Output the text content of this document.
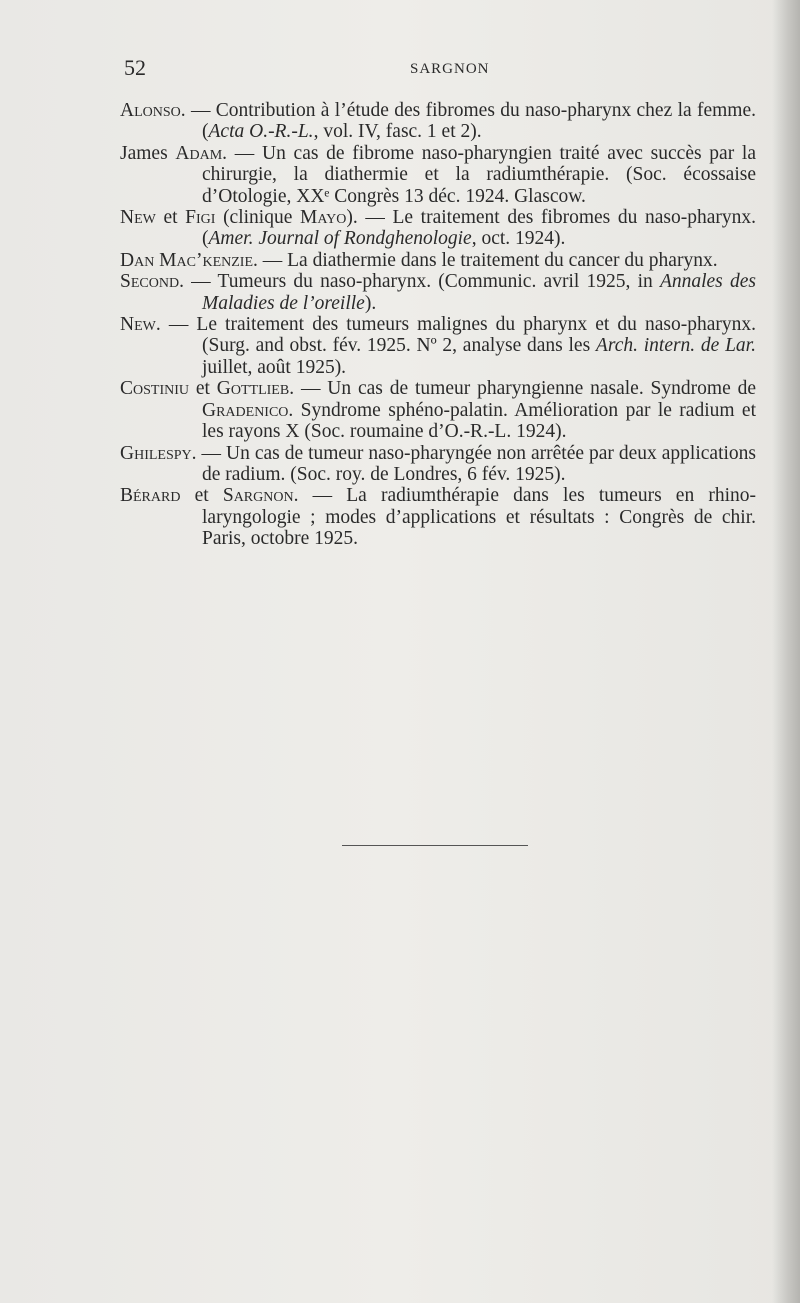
52	SARGNON

Alonso. — Contribution à l’étude des fibromes du naso-pharynx chez la femme. (Acta O.-R.-L., vol. IV, fasc. 1 et 2).

James Adam. — Un cas de fibrome naso-pharyngien traité avec succès par la chirurgie, la diathermie et la radiumthérapie. (Soc. écossaise d’Otologie, XXᵉ Congrès 13 déc. 1924. Glascow.

New et Figi (clinique Mayo). — Le traitement des fibromes du naso-pharynx. (Amer. Journal of Rondghenologie, oct. 1924).

Dan Mac’kenzie. — La diathermie dans le traitement du cancer du pharynx.

Second. — Tumeurs du naso-pharynx. (Communic. avril 1925, in Annales des Maladies de l’oreille).

New. — Le traitement des tumeurs malignes du pharynx et du naso-pharynx. (Surg. and obst. fév. 1925. Nº 2, analyse dans les Arch. intern. de Lar. juillet, août 1925).

Costiniu et Gottlieb. — Un cas de tumeur pharyngienne nasale. Syndrome de Gradenico. Syndrome sphéno-palatin. Amélioration par le radium et les rayons X (Soc. roumaine d’O.-R.-L. 1924).

Ghilespy. — Un cas de tumeur naso-pharyngée non arrêtée par deux applications de radium. (Soc. roy. de Londres, 6 fév. 1925).

Bérard et Sargnon. — La radiumthérapie dans les tumeurs en rhino-laryngologie ; modes d’applications et résultats : Congrès de chir. Paris, octobre 1925.
